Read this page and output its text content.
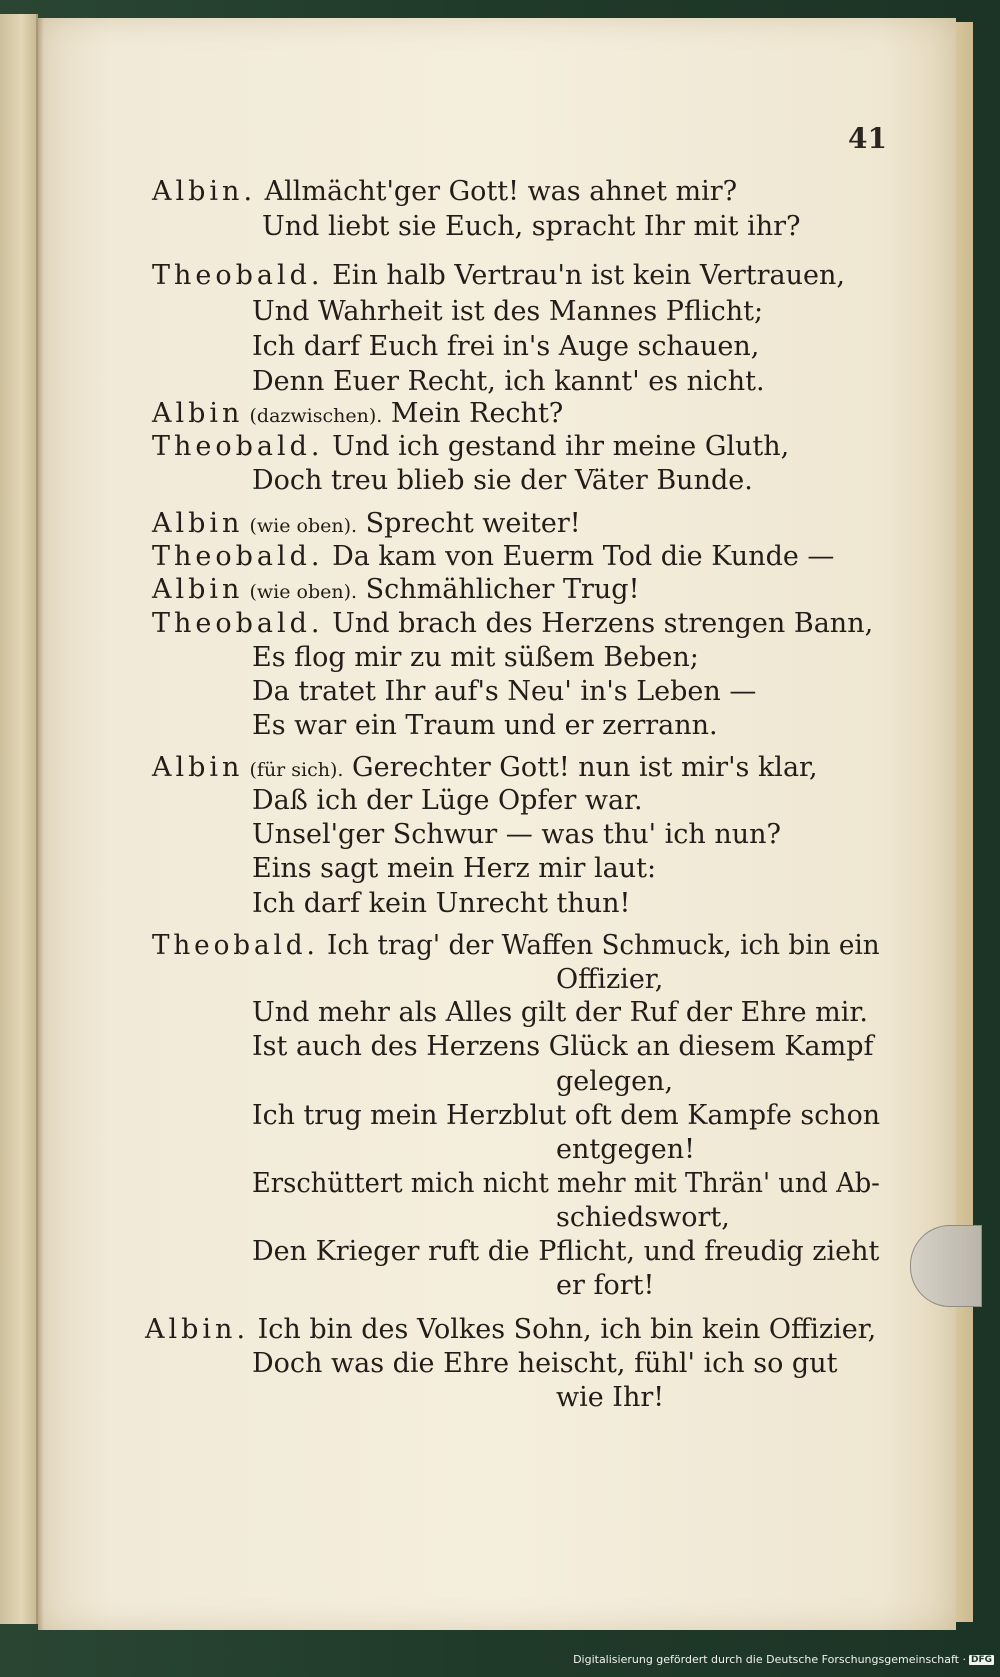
41
Albin. Allmächt'ger Gott! was ahnet mir?
Und liebt sie Euch, spracht Ihr mit ihr?
Theobald. Ein halb Vertrau'n ist kein Vertrauen,
Und Wahrheit ist des Mannes Pflicht;
Ich darf Euch frei in's Auge schauen,
Denn Euer Recht, ich kannt' es nicht.
Albin (dazwischen). Mein Recht?
Theobald. Und ich gestand ihr meine Gluth,
Doch treu blieb sie der Väter Bunde.
Albin (wie oben). Sprecht weiter!
Theobald. Da kam von Euerm Tod die Kunde —
Albin (wie oben). Schmählicher Trug!
Theobald. Und brach des Herzens strengen Bann,
Es flog mir zu mit süßem Beben;
Da tratet Ihr auf's Neu' in's Leben —
Es war ein Traum und er zerrann.
Albin (für sich). Gerechter Gott! nun ist mir's klar,
Daß ich der Lüge Opfer war.
Unsel'ger Schwur — was thu' ich nun?
Eins sagt mein Herz mir laut:
Ich darf kein Unrecht thun!
Theobald. Ich trag' der Waffen Schmuck, ich bin ein
Offizier,
Und mehr als Alles gilt der Ruf der Ehre mir.
Ist auch des Herzens Glück an diesem Kampf
gelegen,
Ich trug mein Herzblut oft dem Kampfe schon
entgegen!
Erschüttert mich nicht mehr mit Thrän' und Ab-
schiedswort,
Den Krieger ruft die Pflicht, und freudig zieht
er fort!
Albin. Ich bin des Volkes Sohn, ich bin kein Offizier,
Doch was die Ehre heischt, fühl' ich so gut
wie Ihr!
Digitalisierung gefördert durch die Deutsche Forschungsgemeinschaft · DFG
